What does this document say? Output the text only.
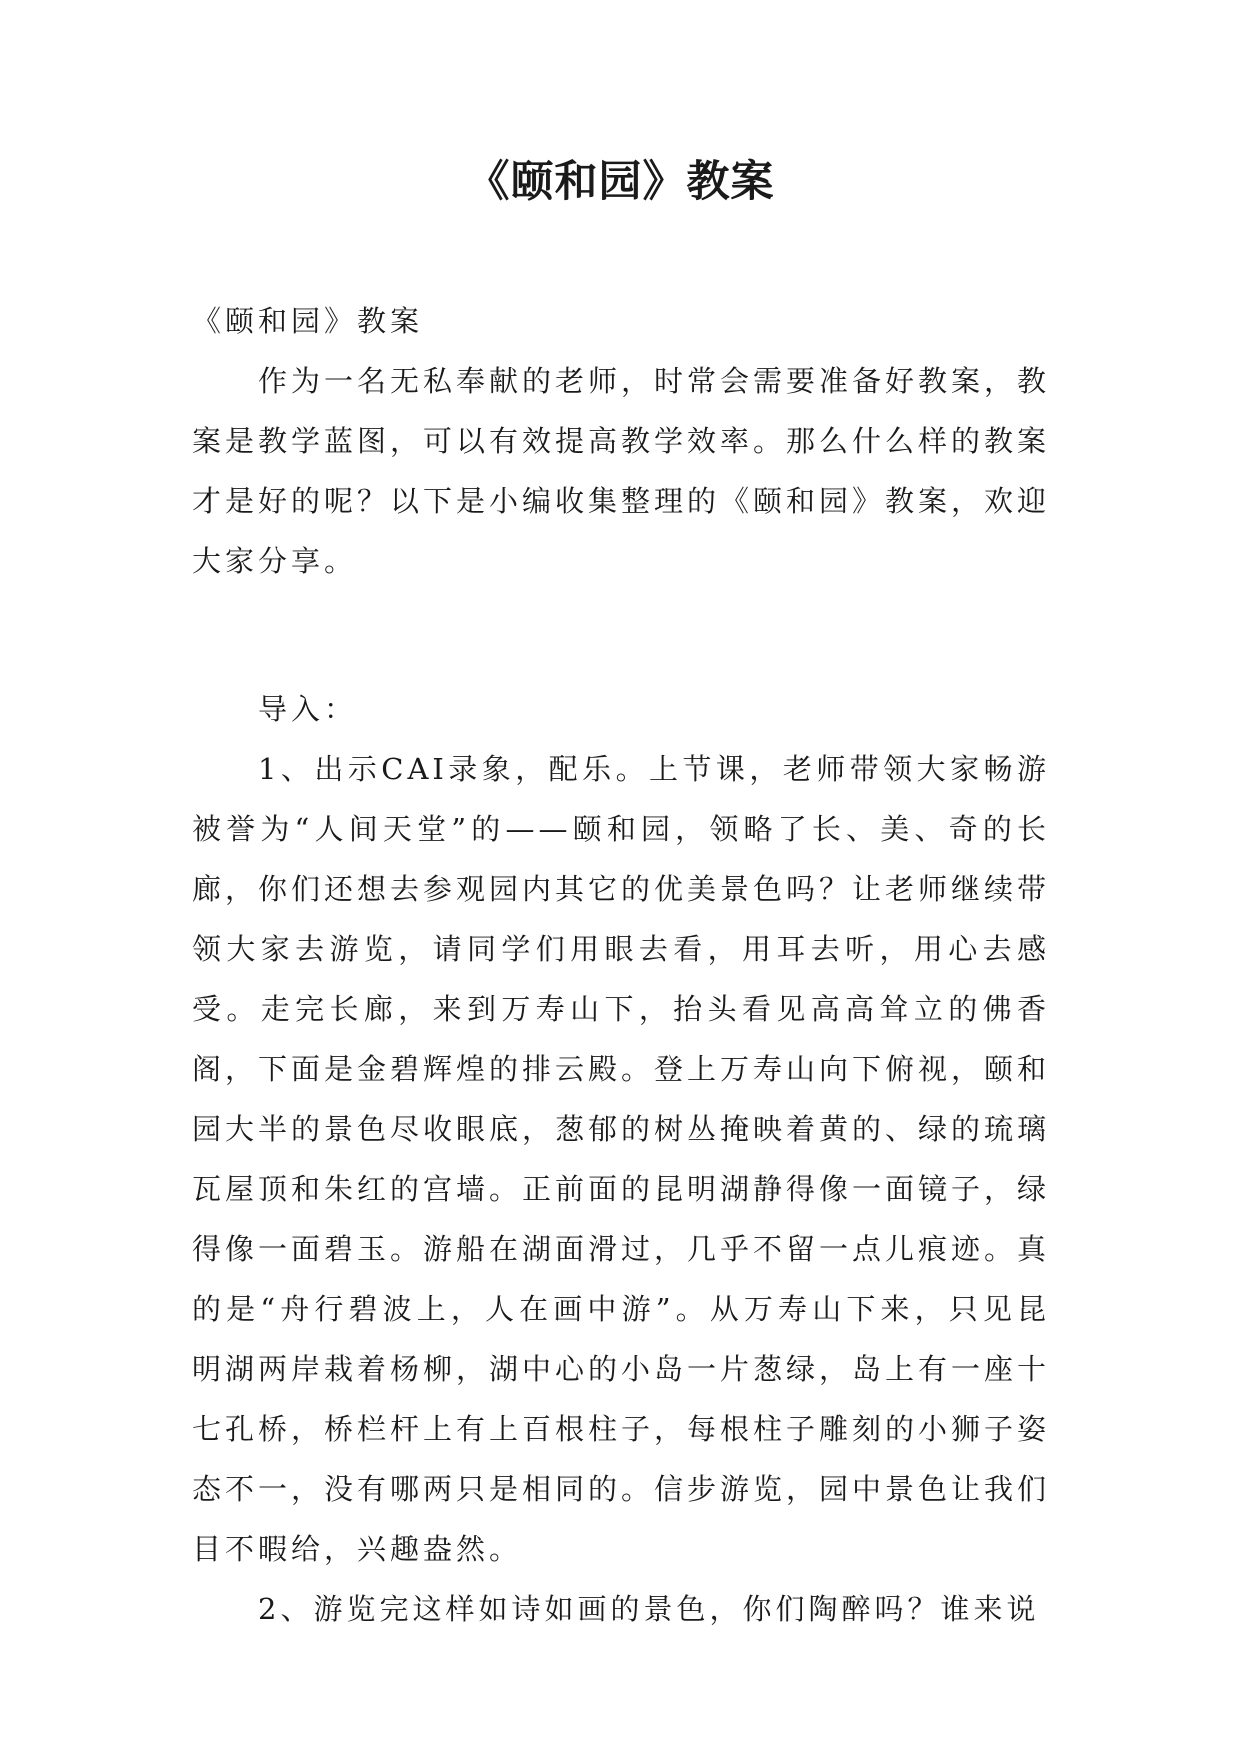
《颐和园》教案

《颐和园》教案

作为一名无私奉献的老师，时常会需要准备好教案，教案是教学蓝图，可以有效提高教学效率。那么什么样的教案才是好的呢？以下是小编收集整理的《颐和园》教案，欢迎大家分享。

导入：

1、出示CAI录象，配乐。上节课，老师带领大家畅游被誉为“人间天堂”的——颐和园，领略了长、美、奇的长廊，你们还想去参观园内其它的优美景色吗？让老师继续带领大家去游览，请同学们用眼去看，用耳去听，用心去感受。走完长廊，来到万寿山下，抬头看见高高耸立的佛香阁，下面是金碧辉煌的排云殿。登上万寿山向下俯视，颐和园大半的景色尽收眼底，葱郁的树丛掩映着黄的、绿的琉璃瓦屋顶和朱红的宫墙。正前面的昆明湖静得像一面镜子，绿得像一面碧玉。游船在湖面滑过，几乎不留一点儿痕迹。真的是“舟行碧波上，人在画中游”。从万寿山下来，只见昆明湖两岸栽着杨柳，湖中心的小岛一片葱绿，岛上有一座十七孔桥，桥栏杆上有上百根柱子，每根柱子雕刻的小狮子姿态不一，没有哪两只是相同的。信步游览，园中景色让我们目不暇给，兴趣盎然。

2、游览完这样如诗如画的景色，你们陶醉吗？谁来说
